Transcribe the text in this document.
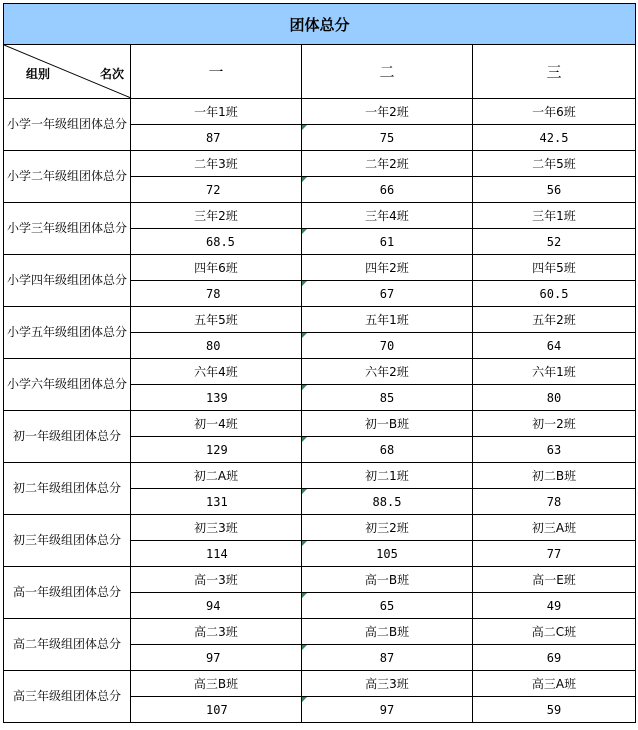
团体总分			

组别 名次	一	二	三
小学一年级组团体总分	一年1班	一年2班	一年6班
	87	75	42.5
小学二年级组团体总分	二年3班	二年2班	二年5班
	72	66	56
小学三年级组团体总分	三年2班	三年4班	三年1班
	68.5	61	52
小学四年级组团体总分	四年6班	四年2班	四年5班
	78	67	60.5
小学五年级组团体总分	五年5班	五年1班	五年2班
	80	70	64
小学六年级组团体总分	六年4班	六年2班	六年1班
	139	85	80
初一年级组团体总分	初一4班	初一B班	初一2班
	129	68	63
初二年级组团体总分	初二A班	初二1班	初二B班
	131	88.5	78
初三年级组团体总分	初三3班	初三2班	初三A班
	114	105	77
高一年级组团体总分	高一3班	高一B班	高一E班
	94	65	49
高二年级组团体总分	高二3班	高二B班	高二C班
	97	87	69
高三年级组团体总分	高三B班	高三3班	高三A班
	107	97	59
